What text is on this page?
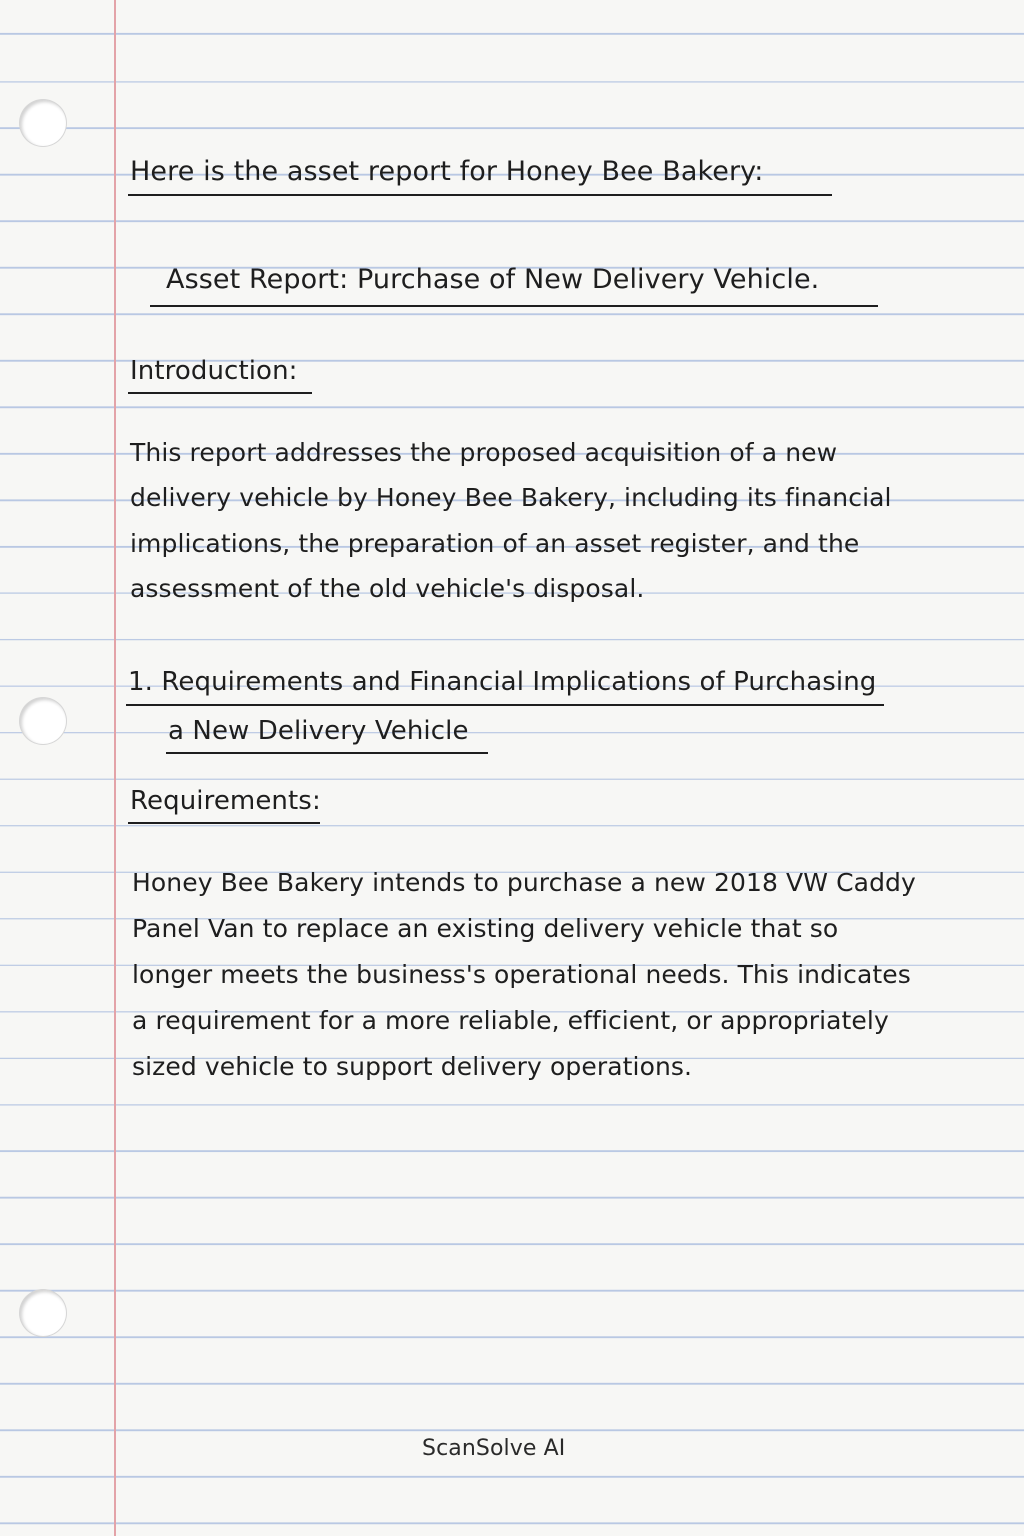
Here is the asset report for Honey Bee Bakery:
Asset Report: Purchase of New Delivery Vehicle.
Introduction:
This report addresses the proposed acquisition of a new
delivery vehicle by Honey Bee Bakery, including its financial
implications, the preparation of an asset register, and the
assessment of the old vehicle's disposal.
1. Requirements and Financial Implications of Purchasing
a New Delivery Vehicle
Requirements:
Honey Bee Bakery intends to purchase a new 2018 VW Caddy
Panel Van to replace an existing delivery vehicle that so
longer meets the business's operational needs. This indicates
a requirement for a more reliable, efficient, or appropriately
sized vehicle to support delivery operations.
ScanSolve AI
